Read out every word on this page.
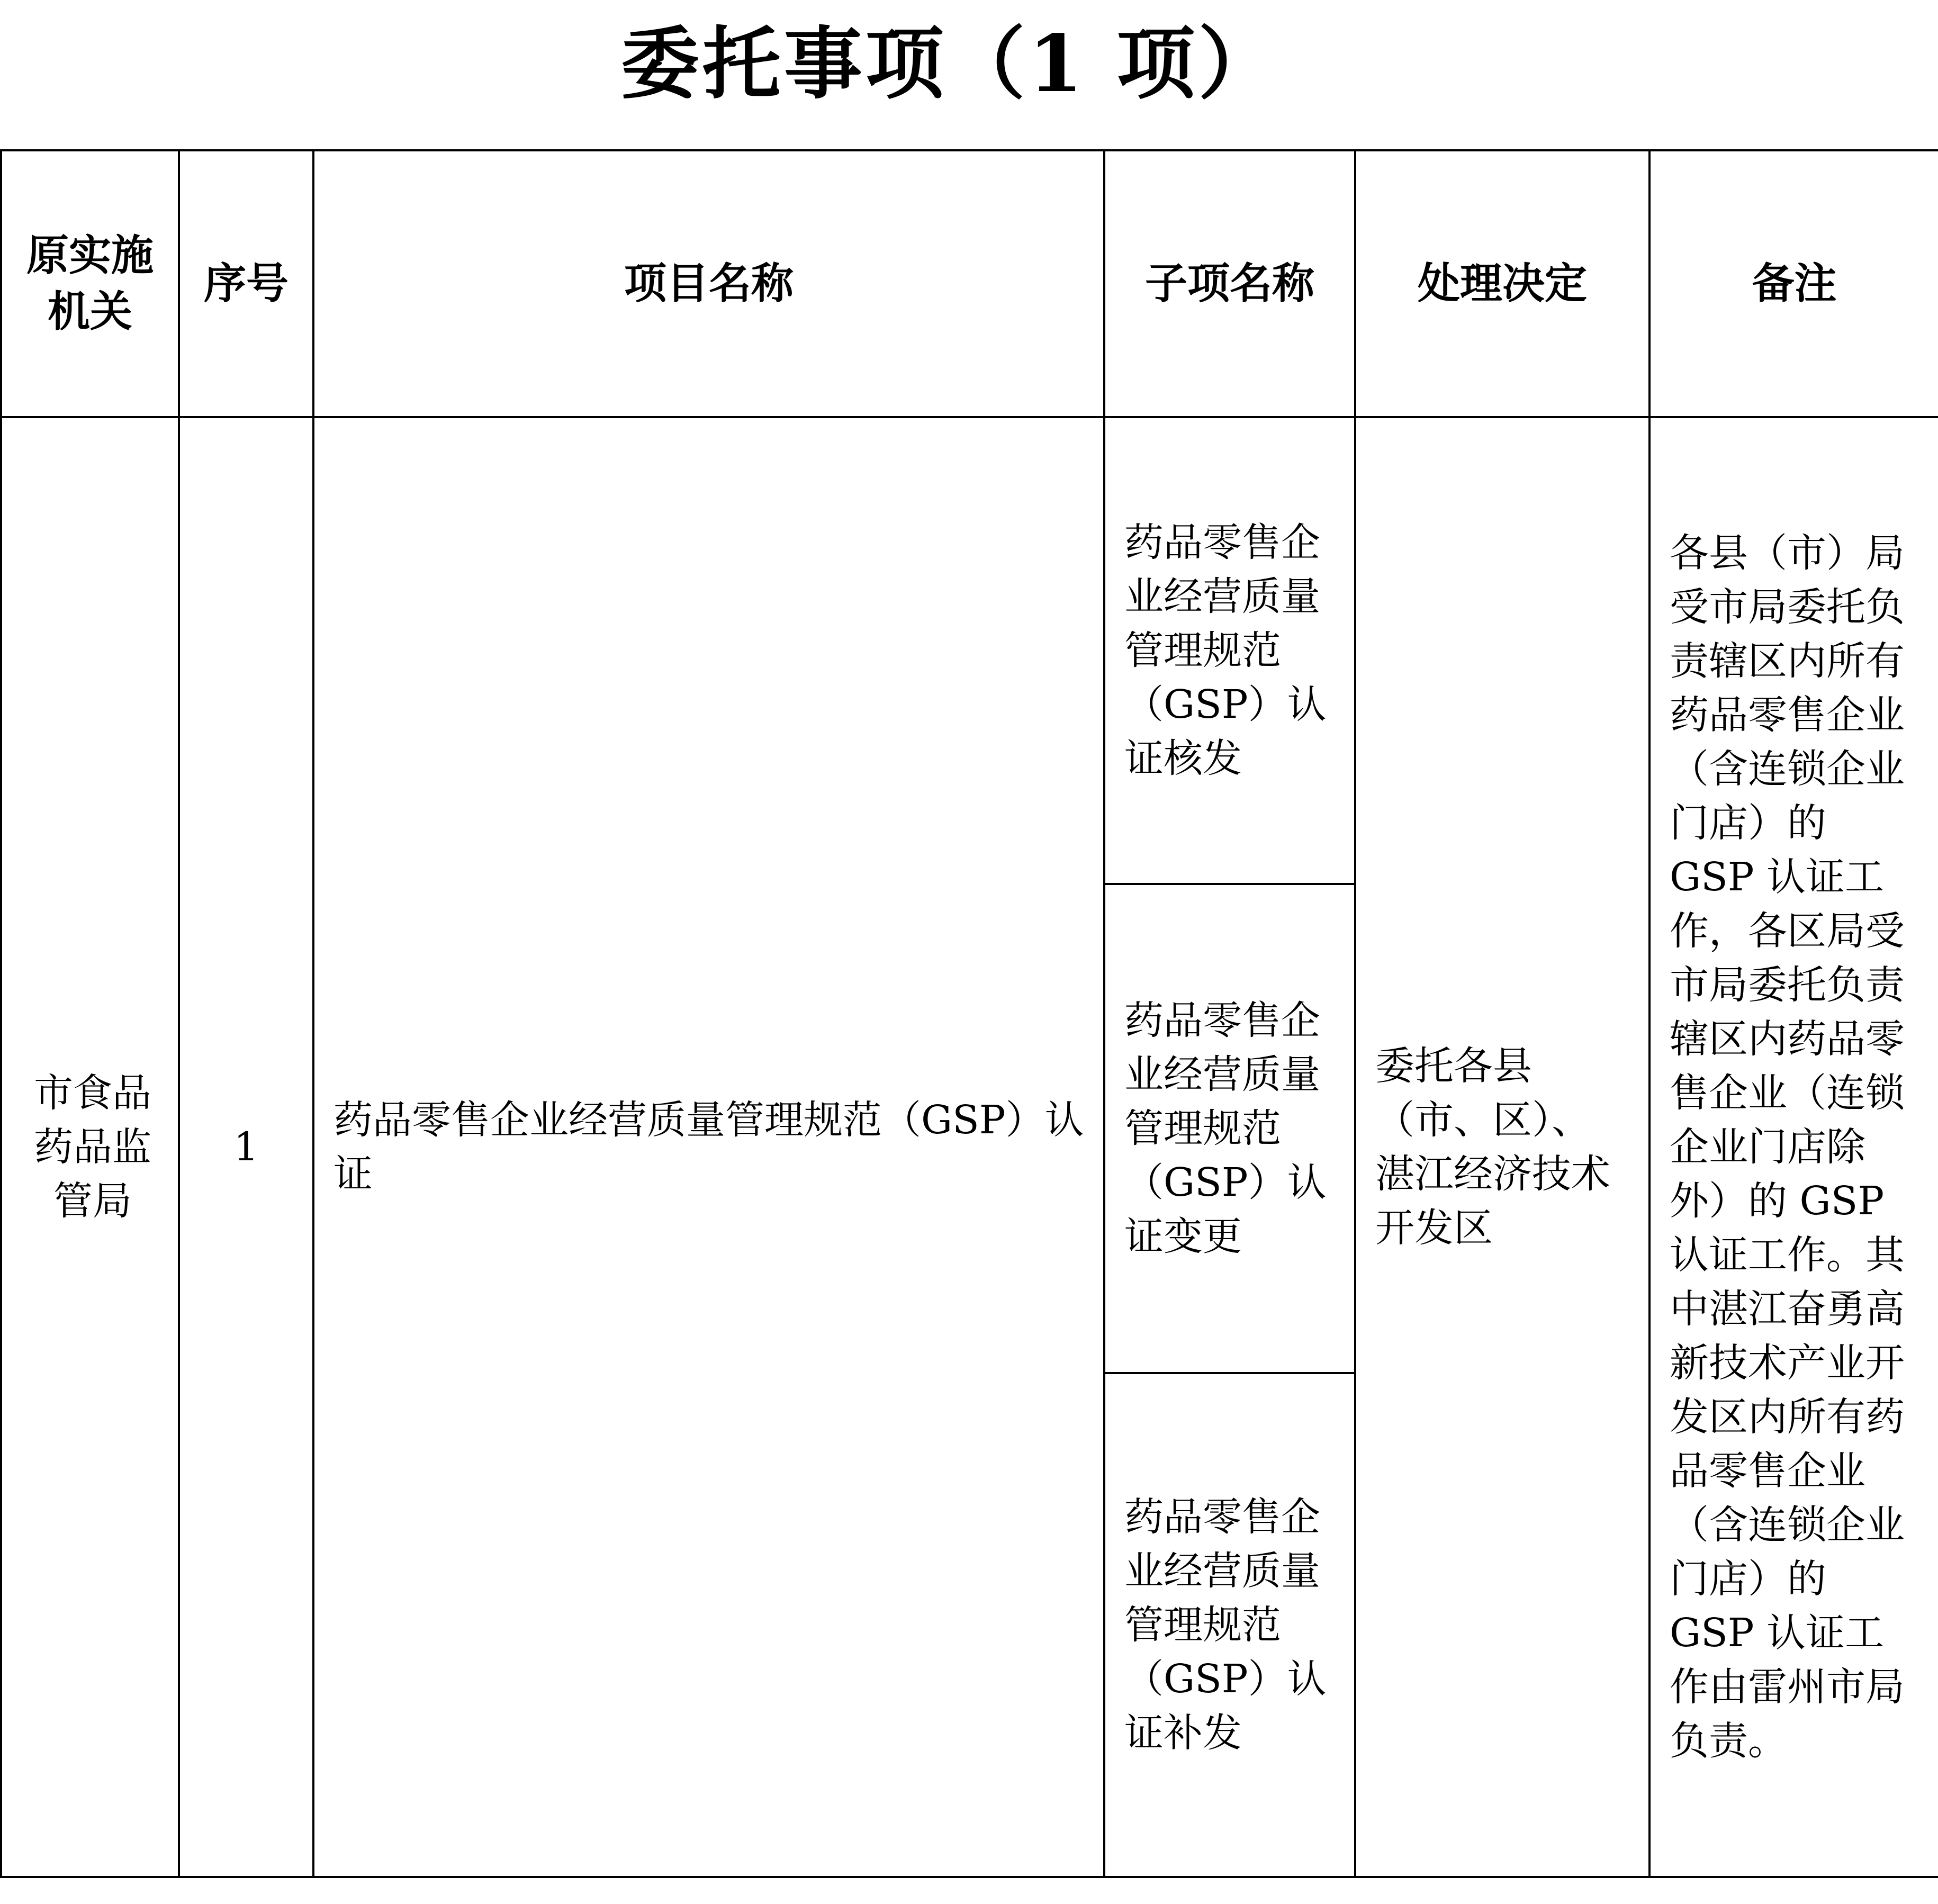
委托事项（1 项）
原实施机关	序号	项目名称	子项名称	处理决定	备注

市食品药品监管局	1	药品零售企业经营质量管理规范（GSP）认证	药品零售企业经营质量管理规范（GSP）认证核发	委托各县（市、区）、湛江经济技术开发区	各县（市）局受市局委托负责辖区内所有药品零售企业（含连锁企业门店）的 GSP 认证工作，各区局受市局委托负责辖区内药品零售企业（连锁企业门店除外）的 GSP 认证工作。其中湛江奋勇高新技术产业开发区内所有药品零售企业（含连锁企业门店）的 GSP 认证工作由雷州市局负责。

			药品零售企业经营质量管理规范（GSP）认证变更		

			药品零售企业经营质量管理规范（GSP）认证补发		
